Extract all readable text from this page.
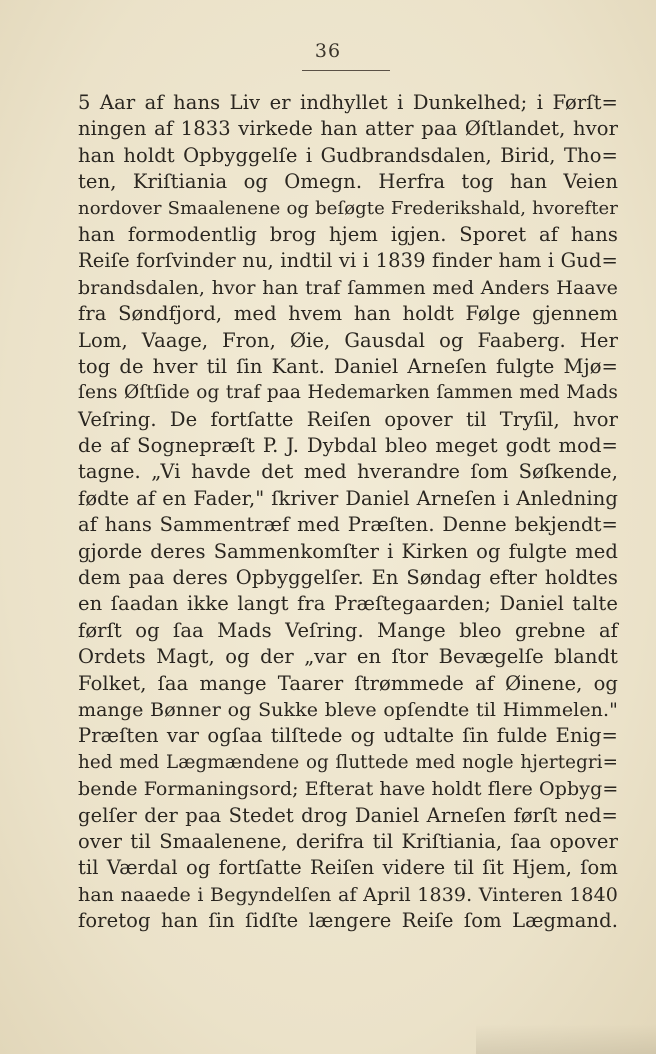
36
5 Aar af hans Liv er indhyllet i Dunkelhed; i Førſt=
ningen af 1833 virkede han atter paa Øſtlandet, hvor
han holdt Opbyggelſe i Gudbrandsdalen, Birid, Tho=
ten, Kriſtiania og Omegn. Herfra tog han Veien
nordover Smaalenene og beſøgte Frederikshald, hvorefter
han formodentlig brog hjem igjen. Sporet af hans
Reiſe forſvinder nu, indtil vi i 1839 finder ham i Gud=
brandsdalen, hvor han traf ſammen med Anders Haave
fra Søndfjord, med hvem han holdt Følge gjennem
Lom, Vaage, Fron, Øie, Gausdal og Faaberg. Her
tog de hver til ſin Kant. Daniel Arneſen fulgte Mjø=
ſens Øſtſide og traf paa Hedemarken ſammen med Mads
Veſring. De fortſatte Reiſen opover til Tryſil, hvor
de af Sognepræſt P. J. Dybdal bleo meget godt mod=
tagne. „Vi havde det med hverandre ſom Søſkende,
fødte af en Fader," ſkriver Daniel Arneſen i Anledning
af hans Sammentræf med Præſten. Denne bekjendt=
gjorde deres Sammenkomſter i Kirken og fulgte med
dem paa deres Opbyggelſer. En Søndag efter holdtes
en ſaadan ikke langt fra Præſtegaarden; Daniel talte
førſt og ſaa Mads Veſring. Mange bleo grebne af
Ordets Magt, og der „var en ſtor Bevægelſe blandt
Folket, ſaa mange Taarer ſtrømmede af Øinene, og
mange Bønner og Sukke bleve opſendte til Himmelen."
Præſten var ogſaa tilſtede og udtalte ſin fulde Enig=
hed med Lægmændene og ſluttede med nogle hjertegri=
bende Formaningsord; Efterat have holdt flere Opbyg=
gelſer der paa Stedet drog Daniel Arneſen førſt ned=
over til Smaalenene, derifra til Kriſtiania, ſaa opover
til Værdal og fortſatte Reiſen videre til ſit Hjem, ſom
han naaede i Begyndelſen af April 1839. Vinteren 1840
foretog han ſin ſidſte længere Reiſe ſom Lægmand.
